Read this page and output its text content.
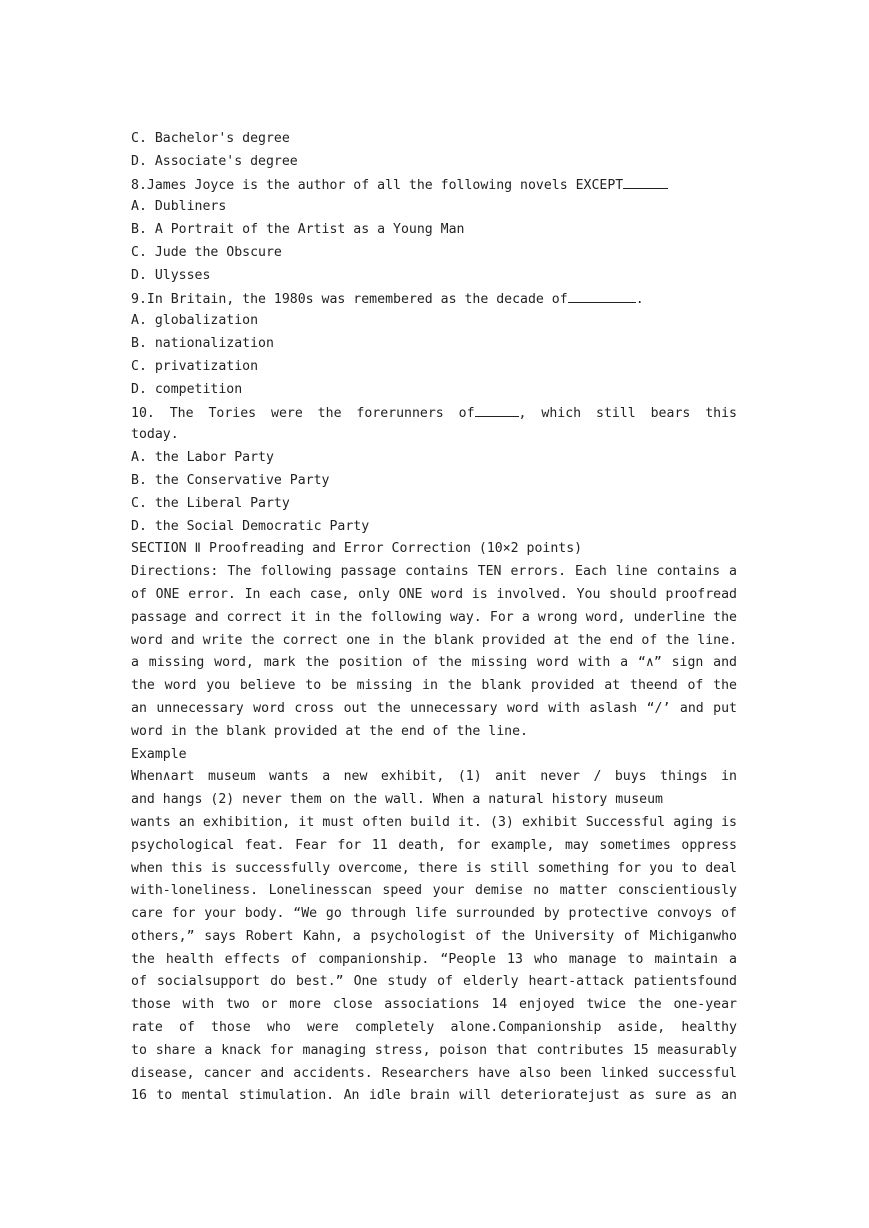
C. Bachelor's degree
D. Associate's degree
8.James Joyce is the author of all the following novels EXCEPT
A. Dubliners
B. A Portrait of the Artist as a Young Man
C. Jude the Obscure
D. Ulysses
9.In Britain, the 1980s was remembered as the decade of	.
A. globalization
B. nationalization
C. privatization
D. competition
10. The Tories were the forerunners of	, which still bears this
today.
A. the Labor Party
B. the Conservative Party
C. the Liberal Party
D. the Social Democratic Party
SECTION Ⅱ Proofreading and Error Correction (10×2 points)
Directions: The following passage contains TEN errors. Each line contains a
of ONE error. In each case, only ONE word is involved. You should proofread
passage and correct it in the following way. For a wrong word, underline the
word and write the correct one in the blank provided at the end of the line.
a missing word, mark the position of the missing word with a “∧” sign and
the word you believe to be missing in the blank provided at theend of the
an unnecessary word cross out the unnecessary word with aslash “/’ and put
word in the blank provided at the end of the line.
Example
When∧art museum wants a new exhibit, (1) anit never / buys things in
and hangs (2) never them on the wall. When a natural history museum
wants an exhibition, it must often build it. (3) exhibit Successful aging is
psychological feat. Fear for 11 death, for example, may sometimes oppress
when this is successfully overcome, there is still something for you to deal
with-loneliness. Lonelinesscan speed your demise no matter conscientiously
care for your body. “We go through life surrounded by protective convoys of
others,” says Robert Kahn, a psychologist of the University of Michiganwho
the health effects of companionship. “People 13 who manage to maintain a
of socialsupport do best.” One study of elderly heart-attack patientsfound
those with two or more close associations 14 enjoyed twice the one-year
rate of those who were completely alone.Companionship aside, healthy
to share a knack for managing stress, poison that contributes 15 measurably
disease, cancer and accidents. Researchers have also been linked successful
16 to mental stimulation. An idle brain will deterioratejust as sure as an
